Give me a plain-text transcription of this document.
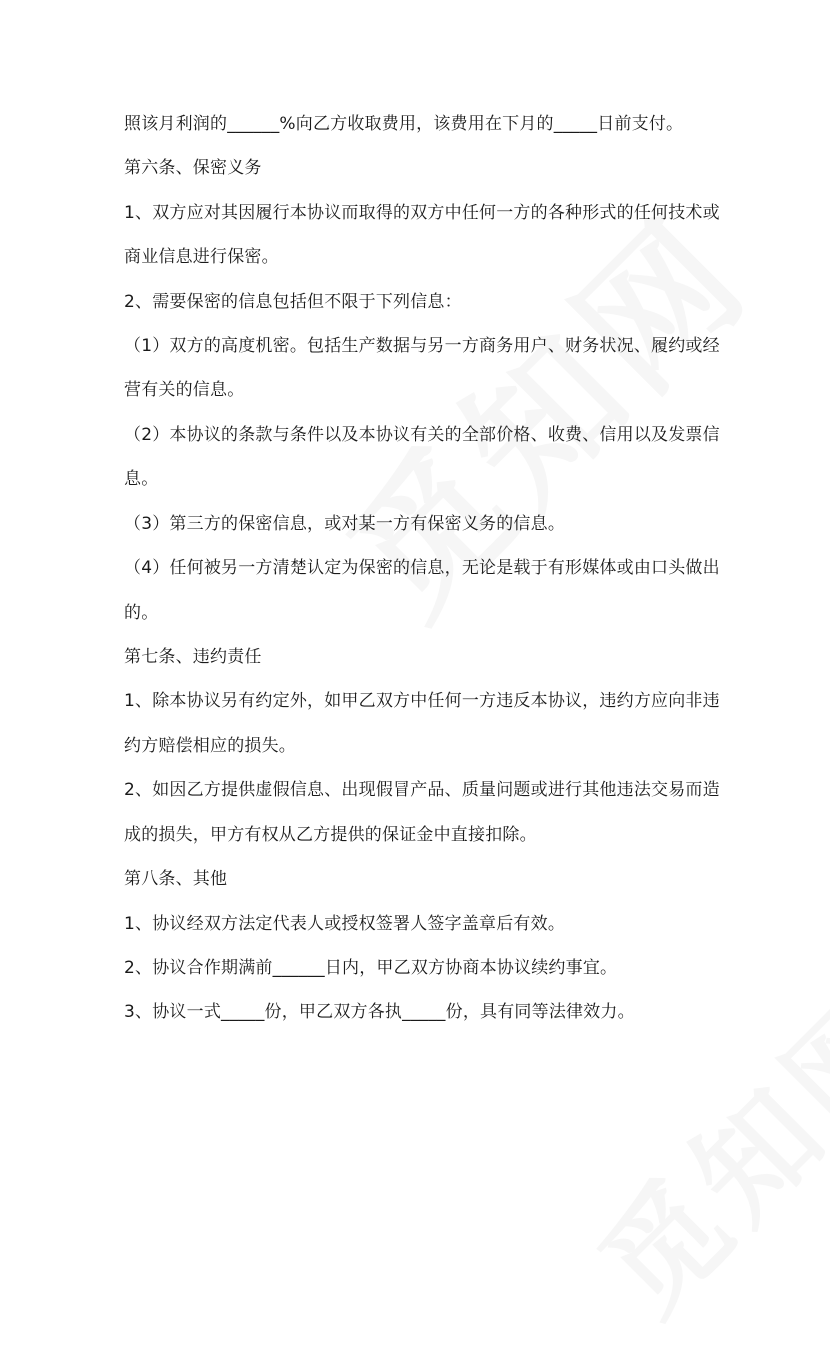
照该月利润的______%向乙方收取费用，该费用在下月的_____日前支付。

第六条、保密义务

1、双方应对其因履行本协议而取得的双方中任何一方的各种形式的任何技术或

商业信息进行保密。

2、需要保密的信息包括但不限于下列信息：

（1）双方的高度机密。包括生产数据与另一方商务用户、财务状况、履约或经

营有关的信息。

（2）本协议的条款与条件以及本协议有关的全部价格、收费、信用以及发票信

息。

（3）第三方的保密信息，或对某一方有保密义务的信息。

（4）任何被另一方清楚认定为保密的信息，无论是载于有形媒体或由口头做出

的。

第七条、违约责任

1、除本协议另有约定外，如甲乙双方中任何一方违反本协议，违约方应向非违

约方赔偿相应的损失。

2、如因乙方提供虚假信息、出现假冒产品、质量问题或进行其他违法交易而造

成的损失，甲方有权从乙方提供的保证金中直接扣除。

第八条、其他

1、协议经双方法定代表人或授权签署人签字盖章后有效。

2、协议合作期满前______日内，甲乙双方协商本协议续约事宜。

3、协议一式_____份，甲乙双方各执_____份，具有同等法律效力。
